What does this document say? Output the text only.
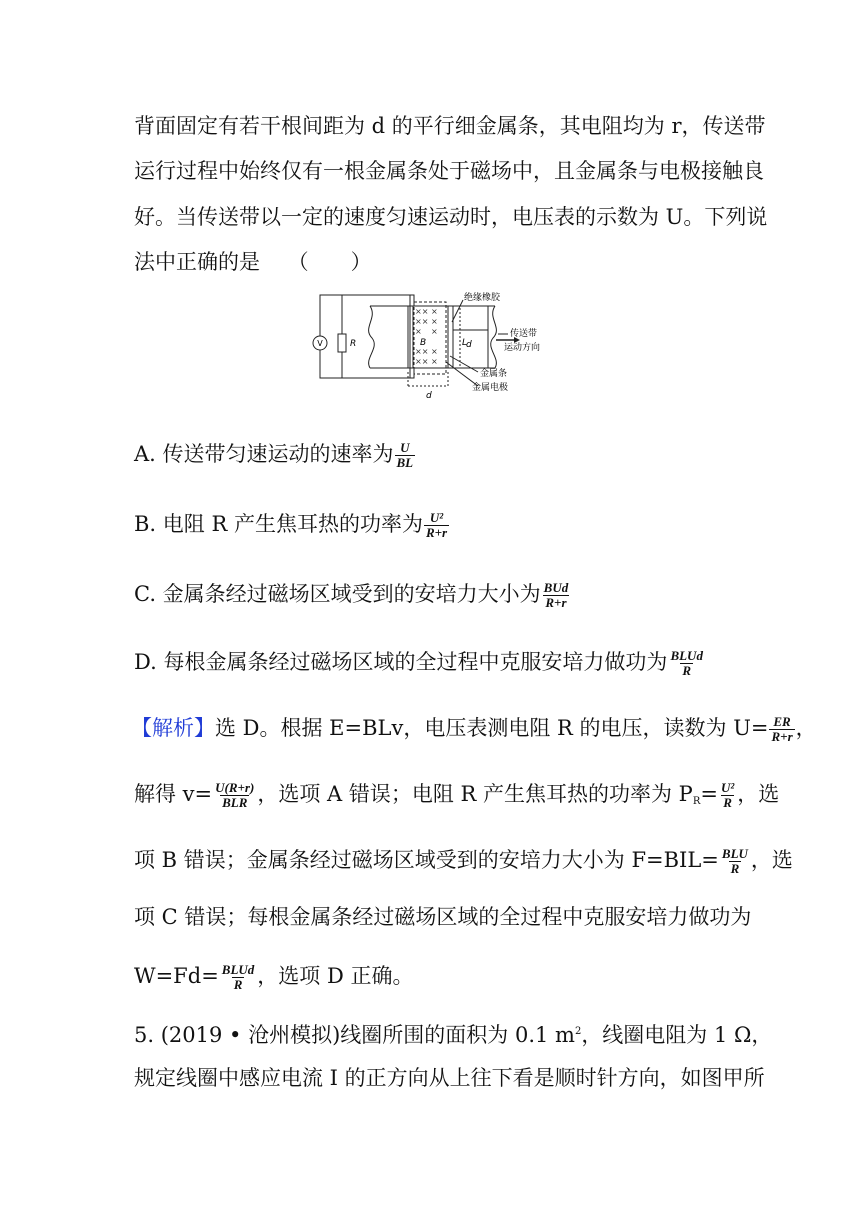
背面固定有若干根间距为 d 的平行细金属条，其电阻均为 r，传送带
运行过程中始终仅有一根金属条处于磁场中，且金属条与电极接触良
好。当传送带以一定的速度匀速运动时，电压表的示数为 U。下列说
法中正确的是　 （　　）
×× ×
×× ×
× ×
×× ×
×× ×
V	R	B	L
d
d
绝缘橡胶
传送带
运动方向
金属条
金属电极
A. 传送带匀速运动的速率为 $\frac{U}{BL}$
B. 电阻 R 产生焦耳热的功率为 $\frac{\text{U²}}{R+r}$
C. 金属条经过磁场区域受到的安培力大小为 $\frac{\text{BUd}}{R+r}$
D. 每根金属条经过磁场区域的全过程中克服安培力做功为 $\frac{\text{BLUd}}{R}$
【解析】选 D。根据 E=BLv，电压表测电阻 R 的电压，读数为 $U= \frac{ER}{R+r}$ ，
解得 $v= \frac{U(R+r)}{\text{BLR}}$ ，选项 A 错误；电阻 R 产生焦耳热的功率为 $P_R= \frac{\text{U²}}{R}$ ，选
项 B 错误；金属条经过磁场区域受到的安培力大小为 $F=BIL= \frac{\text{BLU}}{R}$ ，选
项 C 错误；每根金属条经过磁场区域的全过程中克服安培力做功为
$W=Fd= \frac{\text{BLUd}}{R}$ ，选项 D 正确。
5. (2019 • 沧州模拟)线圈所围的面积为 0.1 $m^2$，线圈电阻为 1 Ω，
规定线圈中感应电流 I 的正方向从上往下看是顺时针方向，如图甲所
